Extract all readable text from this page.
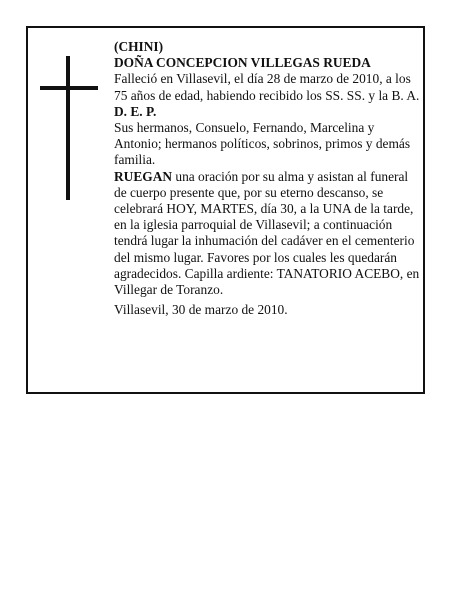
(CHINI)

DOÑA CONCEPCION VILLEGAS RUEDA

Falleció en Villasevil, el día 28 de marzo de 2010, a los 75 años de edad, habiendo recibido los SS. SS. y la B. A.

D. E. P.

Sus hermanos, Consuelo, Fernando, Marcelina y Antonio; hermanos políticos, sobrinos, primos y demás familia.

RUEGAN una oración por su alma y asistan al funeral de cuerpo presente que, por su eterno descanso, se celebrará HOY, MARTES, día 30, a la UNA de la tarde, en la iglesia parroquial de Villasevil; a continuación tendrá lugar la inhumación del cadáver en el cementerio del mismo lugar. Favores por los cuales les quedarán agradecidos. Capilla ardiente: TANATORIO ACEBO, en Villegar de Toranzo.

Villasevil, 30 de marzo de 2010.
